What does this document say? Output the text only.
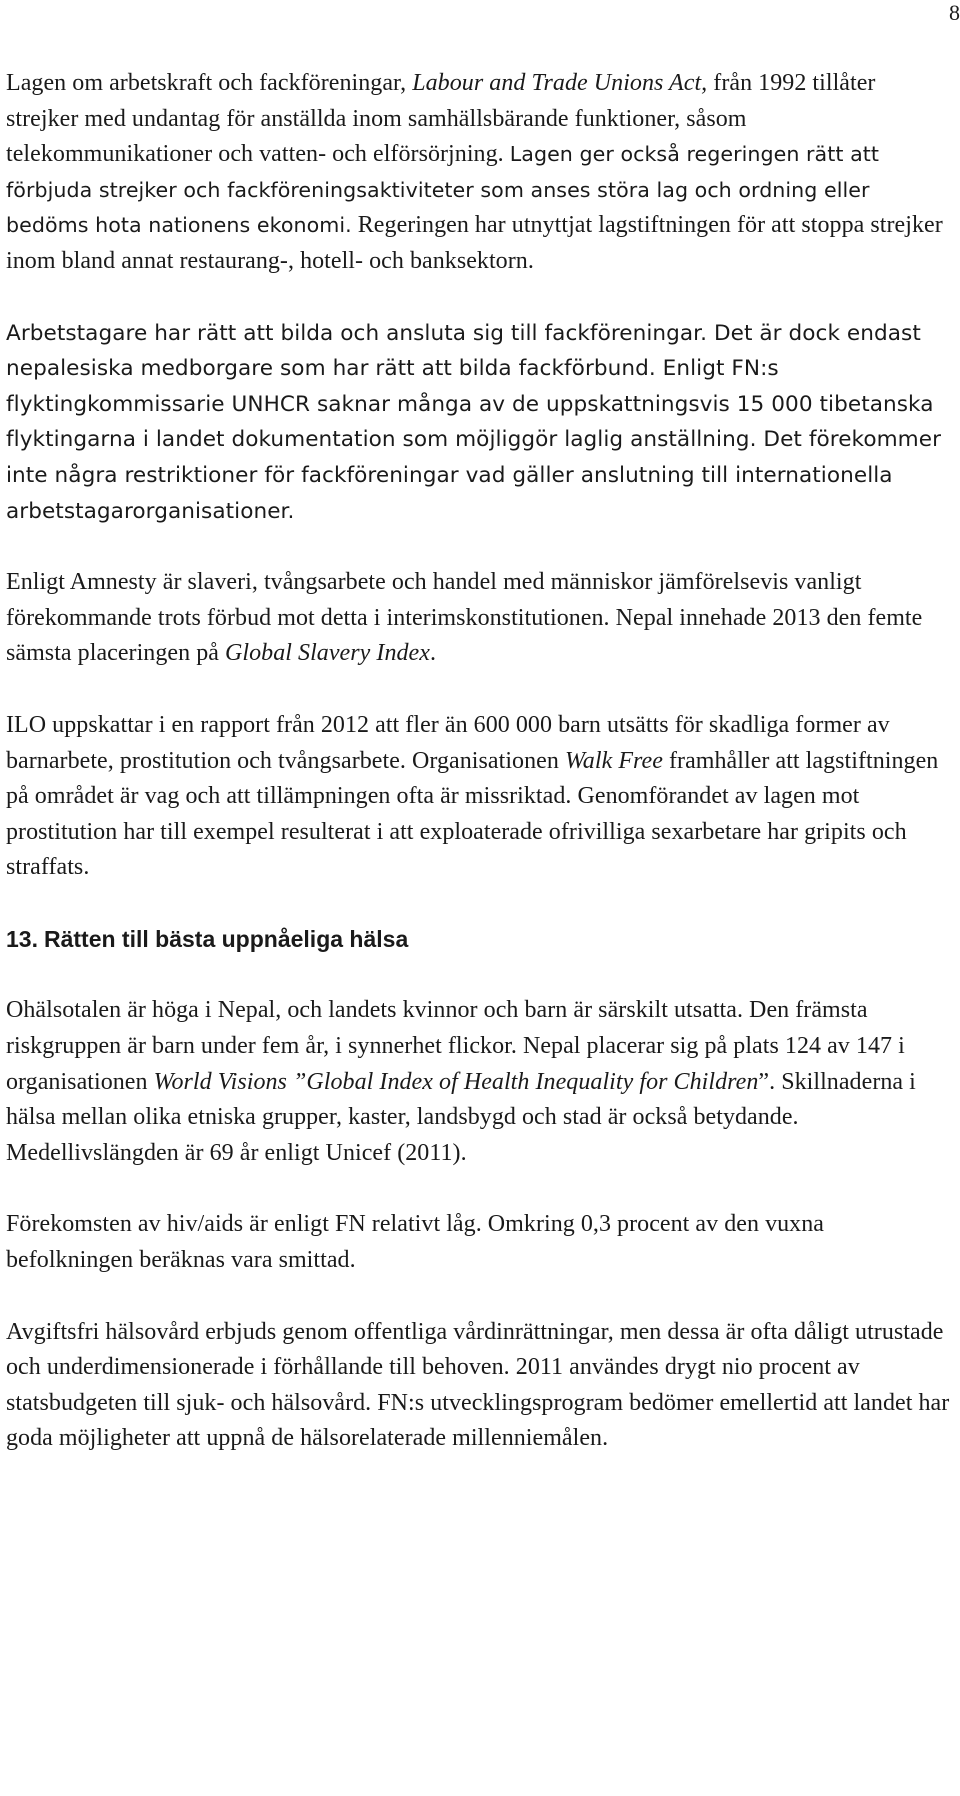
8

Lagen om arbetskraft och fackföreningar, Labour and Trade Unions Act, från 1992 tillåter strejker med undantag för anställda inom samhällsbärande funktioner, såsom telekommunikationer och vatten- och elförsörjning. Lagen ger också regeringen rätt att förbjuda strejker och fackföreningsaktiviteter som anses störa lag och ordning eller bedöms hota nationens ekonomi. Regeringen har utnyttjat lagstiftningen för att stoppa strejker inom bland annat restaurang-, hotell- och banksektorn.

Arbetstagare har rätt att bilda och ansluta sig till fackföreningar. Det är dock endast nepalesiska medborgare som har rätt att bilda fackförbund. Enligt FN:s flyktingkommissarie UNHCR saknar många av de uppskattningsvis 15 000 tibetanska flyktingarna i landet dokumentation som möjliggör laglig anställning. Det förekommer inte några restriktioner för fackföreningar vad gäller anslutning till internationella arbetstagarorganisationer.

Enligt Amnesty är slaveri, tvångsarbete och handel med människor jämförelsevis vanligt förekommande trots förbud mot detta i interimskonstitutionen. Nepal innehade 2013 den femte sämsta placeringen på Global Slavery Index.

ILO uppskattar i en rapport från 2012 att fler än 600 000 barn utsätts för skadliga former av barnarbete, prostitution och tvångsarbete. Organisationen Walk Free framhåller att lagstiftningen på området är vag och att tillämpningen ofta är missriktad. Genomförandet av lagen mot prostitution har till exempel resulterat i att exploaterade ofrivilliga sexarbetare har gripits och straffats.

13. Rätten till bästa uppnåeliga hälsa

Ohälsotalen är höga i Nepal, och landets kvinnor och barn är särskilt utsatta. Den främsta riskgruppen är barn under fem år, i synnerhet flickor. Nepal placerar sig på plats 124 av 147 i organisationen World Visions ”Global Index of Health Inequality for Children”. Skillnaderna i hälsa mellan olika etniska grupper, kaster, landsbygd och stad är också betydande. Medellivslängden är 69 år enligt Unicef (2011).

Förekomsten av hiv/aids är enligt FN relativt låg. Omkring 0,3 procent av den vuxna befolkningen beräknas vara smittad.

Avgiftsfri hälsovård erbjuds genom offentliga vårdinrättningar, men dessa är ofta dåligt utrustade och underdimensionerade i förhållande till behoven. 2011 användes drygt nio procent av statsbudgeten till sjuk- och hälsovård. FN:s utvecklingsprogram bedömer emellertid att landet har goda möjligheter att uppnå de hälsorelaterade millenniemålen.
